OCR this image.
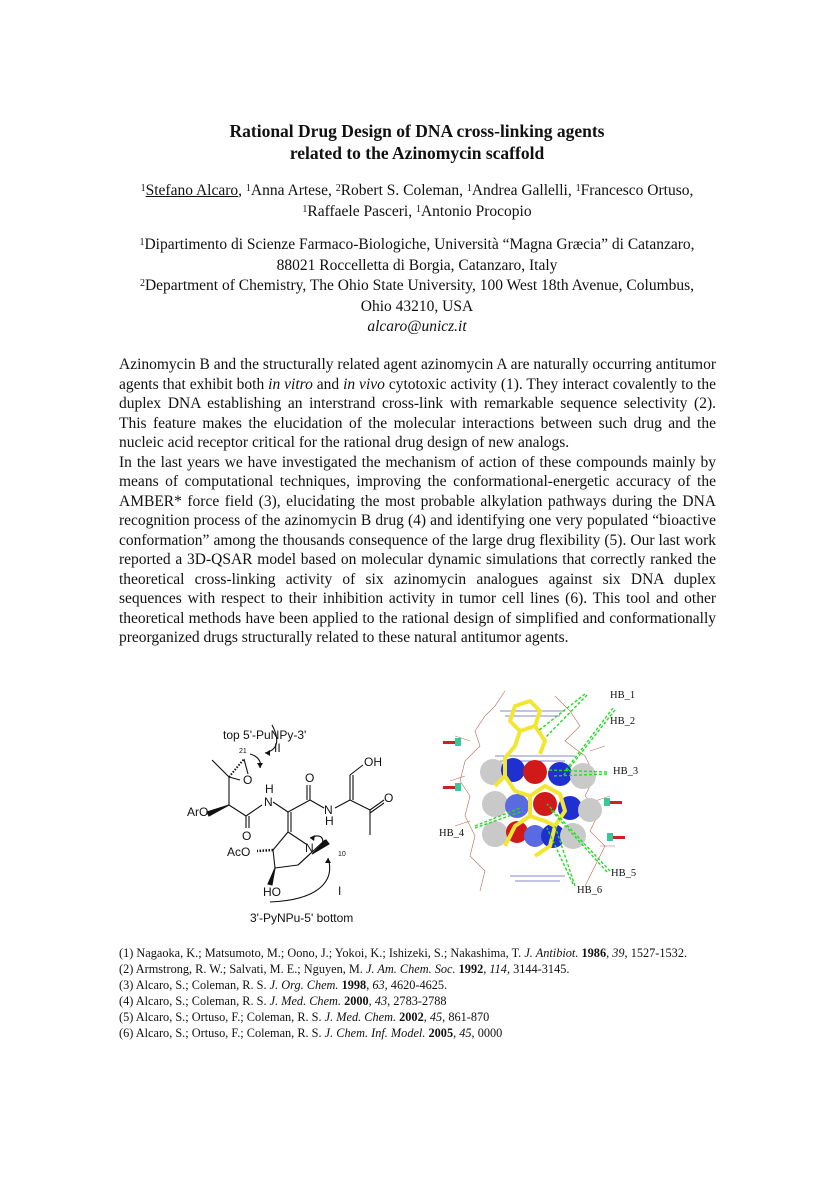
Rational Drug Design of DNA cross-linking agents
related to the Azinomycin scaffold
$^1$Stefano Alcaro, $^1$Anna Artese, $^2$Robert S. Coleman, $^1$Andrea Gallelli, $^1$Francesco Ortuso, $^1$Raffaele Pasceri, $^1$Antonio Procopio
$^1$Dipartimento di Scienze Farmaco-Biologiche, Università “Magna Græcia” di Catanzaro, 88021 Roccelletta di Borgia, Catanzaro, Italy
$^2$Department of Chemistry, The Ohio State University, 100 West 18th Avenue, Columbus, Ohio 43210, USA
alcaro@unicz.it

Azinomycin B and the structurally related agent azinomycin A are naturally occurring antitumor agents that exhibit both in vitro and in vivo cytotoxic activity (1). They interact covalently to the duplex DNA establishing an interstrand cross-link with remarkable sequence selectivity (2). This feature makes the elucidation of the molecular interactions between such drug and the nucleic acid receptor critical for the rational drug design of new analogs.

In the last years we have investigated the mechanism of action of these compounds mainly by means of computational techniques, improving the conformational-energetic accuracy of the AMBER* force field (3), elucidating the most probable alkylation pathways during the DNA recognition process of the azinomycin B drug (4) and identifying one very populated “bioactive conformation” among the thousands consequence of the large drug flexibility (5). Our last work reported a 3D-QSAR model based on molecular dynamic simulations that correctly ranked the theoretical cross-linking activity of six azinomycin analogues against six DNA duplex sequences with respect to their inhibition activity in tumor cell lines (6). This tool and other theoretical methods have been applied to the rational design of simplified and conformationally preorganized drugs structurally related to these natural antitumor agents.

top 5'-PuNPy-3'
21 II
O
H
N
O
N
H
OH
O
ArO
O
AcO	N	10
HO	I
3'-PyNPu-5' bottom
HB_1
HB_2
HB_3
HB_4
HB_5
HB_6
(1) Nagaoka, K.; Matsumoto, M.; Oono, J.; Yokoi, K.; Ishizeki, S.; Nakashima, T. J. Antibiot. 1986, 39, 1527-1532.
(2) Armstrong, R. W.; Salvati, M. E.; Nguyen, M. J. Am. Chem. Soc. 1992, 114, 3144-3145.
(3) Alcaro, S.; Coleman, R. S. J. Org. Chem. 1998, 63, 4620-4625.
(4) Alcaro, S.; Coleman, R. S. J. Med. Chem. 2000, 43, 2783-2788
(5) Alcaro, S.; Ortuso, F.; Coleman, R. S. J. Med. Chem. 2002, 45, 861-870
(6) Alcaro, S.; Ortuso, F.; Coleman, R. S. J. Chem. Inf. Model. 2005, 45, 0000
